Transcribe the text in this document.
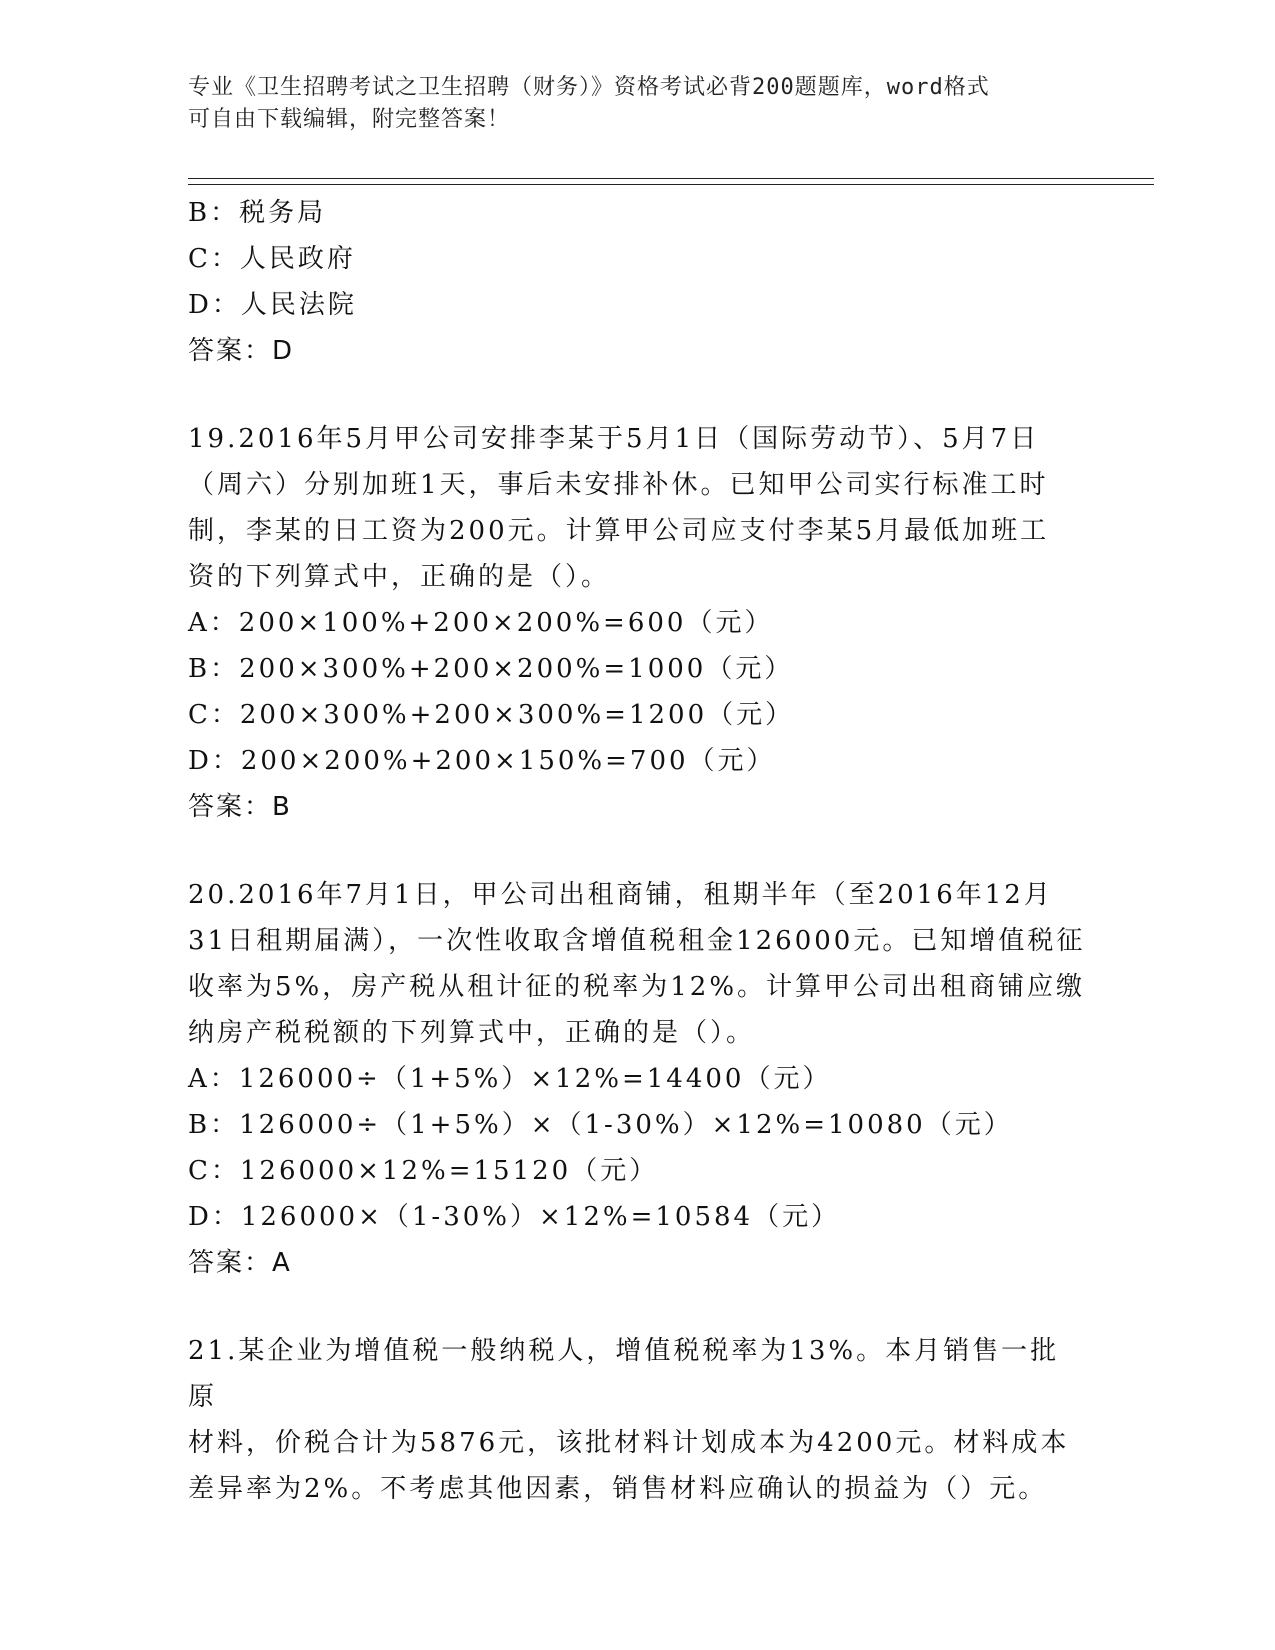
专业《卫生招聘考试之卫生招聘（财务）》资格考试必背200题题库，word格式
可自由下载编辑，附完整答案！
B：税务局
C：人民政府
D：人民法院
答案：D
19.2016年5月甲公司安排李某于5月1日（国际劳动节）、5月7日
（周六）分别加班1天，事后未安排补休。已知甲公司实行标准工时
制，李某的日工资为200元。计算甲公司应支付李某5月最低加班工
资的下列算式中，正确的是（）。
A：200×100%+200×200%=600（元）
B：200×300%+200×200%=1000（元）
C：200×300%+200×300%=1200（元）
D：200×200%+200×150%=700（元）
答案：B
20.2016年7月1日，甲公司出租商铺，租期半年（至2016年12月
31日租期届满），一次性收取含增值税租金126000元。已知增值税征
收率为5%，房产税从租计征的税率为12%。计算甲公司出租商铺应缴
纳房产税税额的下列算式中，正确的是（）。
A：126000÷（1+5%）×12%=14400（元）
B：126000÷（1+5%）×（1-30%）×12%=10080（元）
C：126000×12%=15120（元）
D：126000×（1-30%）×12%=10584（元）
答案：A
21.某企业为增值税一般纳税人，增值税税率为13%。本月销售一批原
材料，价税合计为5876元，该批材料计划成本为4200元。材料成本
差异率为2%。不考虑其他因素，销售材料应确认的损益为（）元。
